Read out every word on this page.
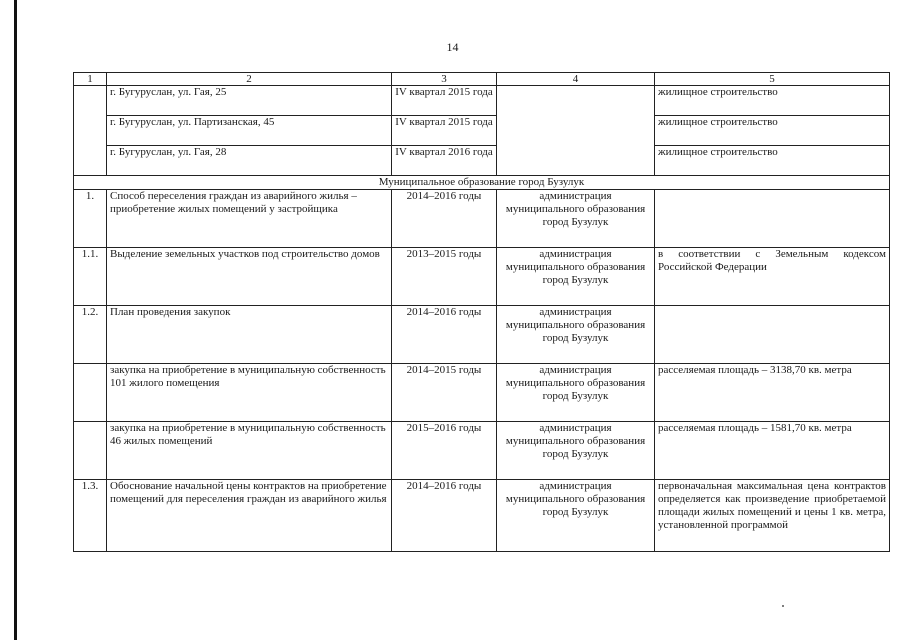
14
1	2	3	4	5
	г. Бугуруслан, ул. Гая, 25	IV квартал 2015 года		жилищное строительство
	г. Бугуруслан, ул. Партизанская, 45	IV квартал 2015 года		жилищное строительство
	г. Бугуруслан, ул. Гая, 28	IV квартал 2016 года		жилищное строительство
Муниципальное образование город Бузулук				
1.	Способ переселения граждан из аварийного жилья – приобретение жилых помещений у застройщика	2014–2016 годы	администрация муниципального образования город Бузулук	
1.1.	Выделение земельных участков под строительство домов	2013–2015 годы	администрация муниципального образования город Бузулук	в соответствии с Земельным кодексом Российской Федерации
1.2.	План проведения закупок	2014–2016 годы	администрация муниципального образования город Бузулук	
	закупка на приобретение в муниципальную собственность 101 жилого помещения	2014–2015 годы	администрация муниципального образования город Бузулук	расселяемая площадь – 3138,70 кв. метра
	закупка на приобретение в муниципальную собственность 46 жилых помещений	2015–2016 годы	администрация муниципального образования город Бузулук	расселяемая площадь – 1581,70 кв. метра
1.3.	Обоснование начальной цены контрактов на приобретение помещений для переселения граждан из аварийного жилья	2014–2016 годы	администрация муниципального образования город Бузулук	первоначальная максимальная цена контрактов определяется как произведение приобретаемой площади жилых помещений и цены 1 кв. метра, установленной программой
